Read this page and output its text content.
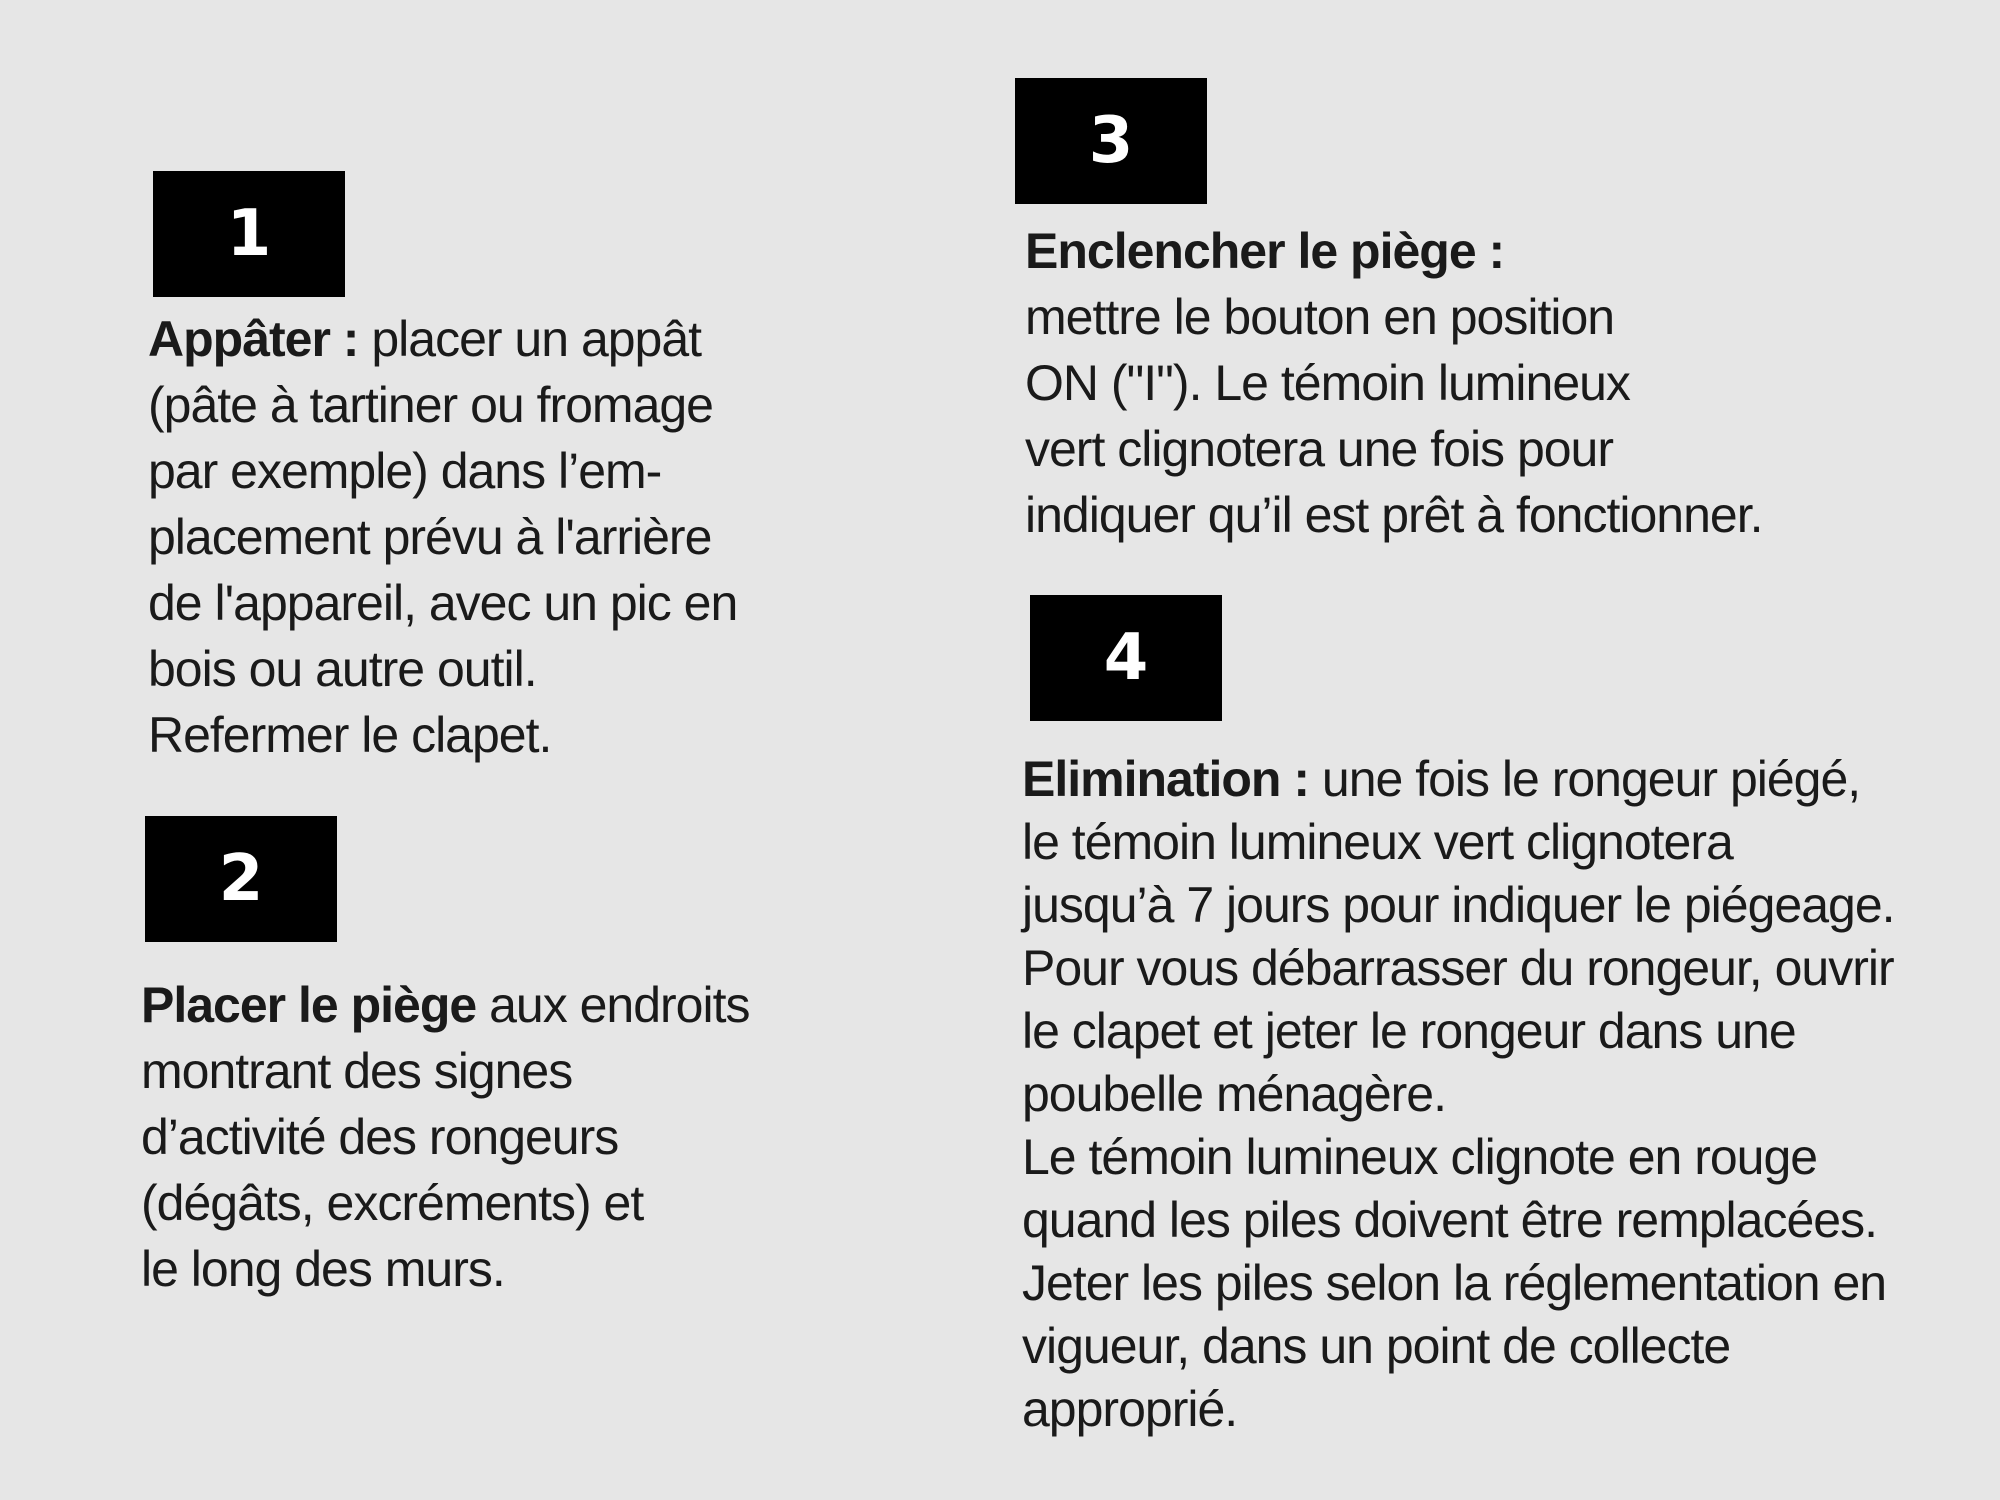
1

Appâter : placer un appât
(pâte à tartiner ou fromage
par exemple) dans l’em-
placement prévu à l'arrière
de l'appareil, avec un pic en
bois ou autre outil.
Refermer le clapet.

2

Placer le piège aux endroits
montrant des signes
d’activité des rongeurs
(dégâts, excréments) et
le long des murs.

3

Enclencher le piège :
mettre le bouton en position
ON ("I"). Le témoin lumineux
vert clignotera une fois pour
indiquer qu’il est prêt à fonctionner.

4

Elimination : une fois le rongeur piégé,
le témoin lumineux vert clignotera
jusqu’à 7 jours pour indiquer le piégeage.
Pour vous débarrasser du rongeur, ouvrir
le clapet et jeter le rongeur dans une
poubelle ménagère.
Le témoin lumineux clignote en rouge
quand les piles doivent être remplacées.
Jeter les piles selon la réglementation en
vigueur, dans un point de collecte
approprié.
